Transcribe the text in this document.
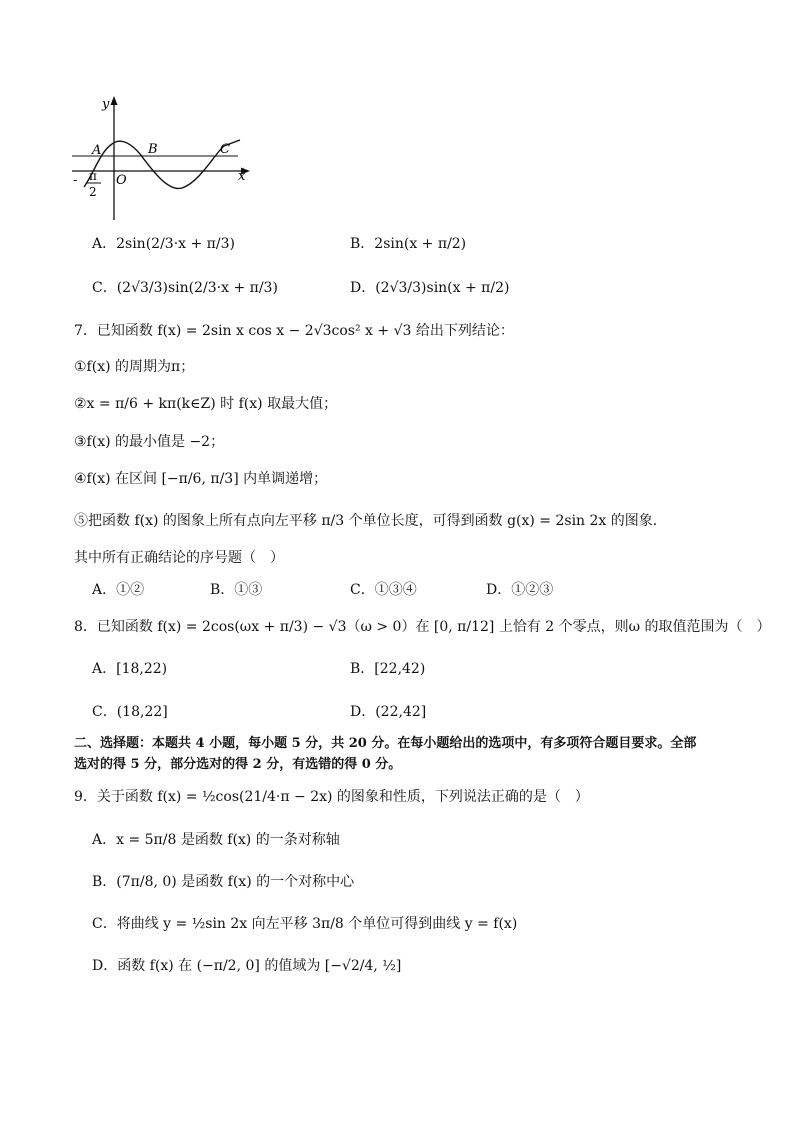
y
x
A	B	C
O
- π
2
A．2sin(2/3·x + π/3)	B．2sin(x + π/2)
C．(2√3/3)sin(2/3·x + π/3)	D．(2√3/3)sin(x + π/2)
7．已知函数 f(x) = 2sin x cos x − 2√3cos² x + √3 给出下列结论：
①f(x) 的周期为π；
②x = π/6 + kπ(k∈Z) 时 f(x) 取最大值；
③f(x) 的最小值是 −2；
④f(x) 在区间 [−π/6, π/3] 内单调递增；
⑤把函数 f(x) 的图象上所有点向左平移 π/3 个单位长度，可得到函数 g(x) = 2sin 2x 的图象．
其中所有正确结论的序号题（　）
A．①②	B．①③	C．①③④	D．①②③
8．已知函数 f(x) = 2cos(ωx + π/3) − √3（ω > 0）在 [0, π/12] 上恰有 2 个零点，则ω 的取值范围为（　）
A．[18,22)	B．[22,42)
C．(18,22]	D．(22,42]
二、选择题：本题共 4 小题，每小题 5 分，共 20 分。在每小题给出的选项中，有多项符合题目要求。全部
选对的得 5 分，部分选对的得 2 分，有选错的得 0 分。
9．关于函数 f(x) = ½cos(21/4·π − 2x) 的图象和性质，下列说法正确的是（　）
A．x = 5π/8 是函数 f(x) 的一条对称轴
B．(7π/8, 0) 是函数 f(x) 的一个对称中心
C．将曲线 y = ½sin 2x 向左平移 3π/8 个单位可得到曲线 y = f(x)
D．函数 f(x) 在 (−π/2, 0] 的值域为 [−√2/4, ½]
